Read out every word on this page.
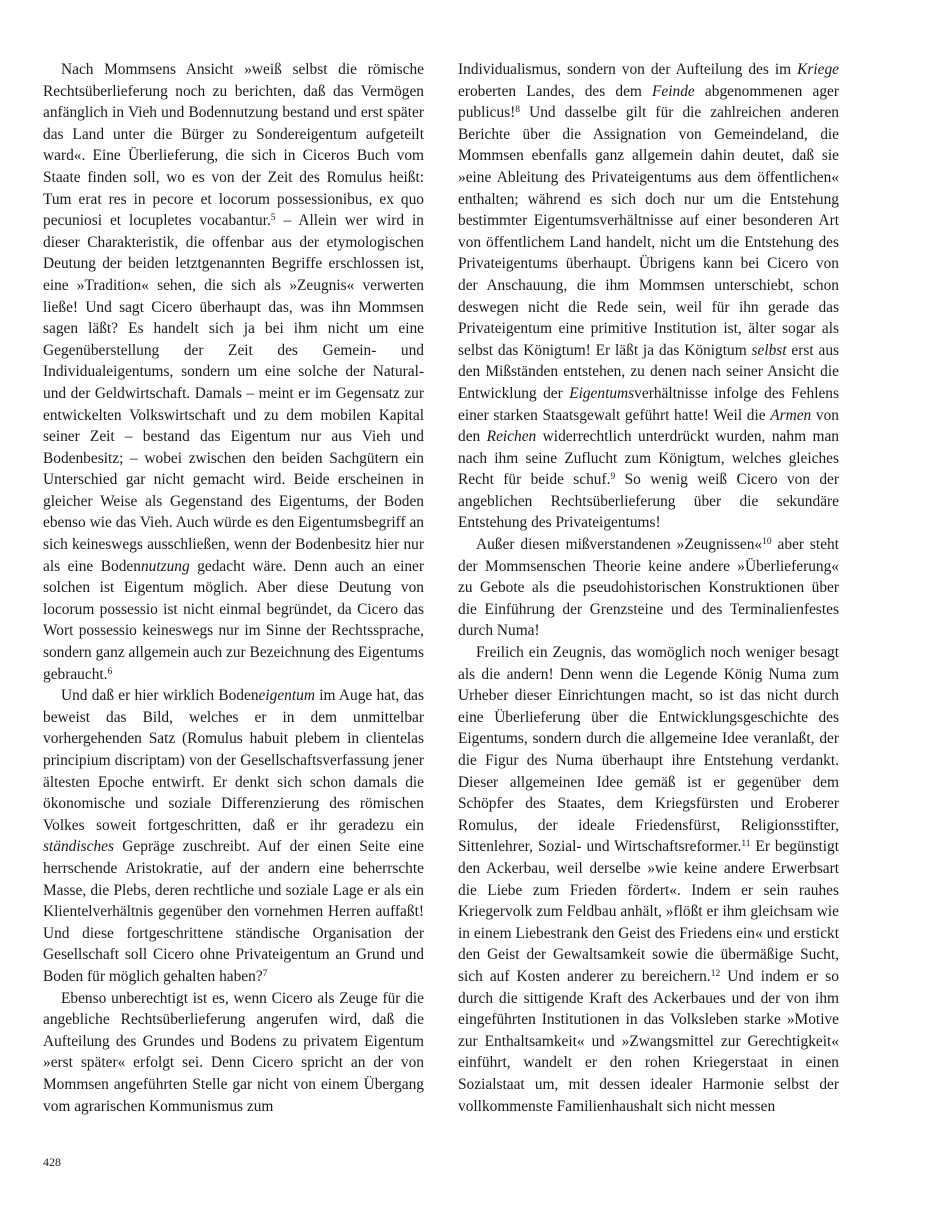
Nach Mommsens Ansicht »weiß selbst die römische Rechtsüberlieferung noch zu berichten, daß das Vermögen anfänglich in Vieh und Bodennutzung bestand und erst später das Land unter die Bürger zu Sondereigentum aufgeteilt ward«. Eine Überlieferung, die sich in Ciceros Buch vom Staate finden soll, wo es von der Zeit des Romulus heißt: Tum erat res in pecore et locorum possessionibus, ex quo pecuniosi et locupletes vocabantur.$^5$ – Allein wer wird in dieser Charakteristik, die offenbar aus der etymologischen Deutung der beiden letztgenannten Begriffe erschlossen ist, eine »Tradition« sehen, die sich als »Zeugnis« verwerten ließe! Und sagt Cicero überhaupt das, was ihn Mommsen sagen läßt? Es handelt sich ja bei ihm nicht um eine Gegenüberstellung der Zeit des Gemein- und Individualeigentums, sondern um eine solche der Natural- und der Geldwirtschaft. Damals – meint er im Gegensatz zur entwickelten Volkswirtschaft und zu dem mobilen Kapital seiner Zeit – bestand das Eigentum nur aus Vieh und Bodenbesitz; – wobei zwischen den beiden Sachgütern ein Unterschied gar nicht gemacht wird. Beide erscheinen in gleicher Weise als Gegenstand des Eigentums, der Boden ebenso wie das Vieh. Auch würde es den Eigentumsbegriff an sich keineswegs ausschließen, wenn der Bodenbesitz hier nur als eine Bodennutzung gedacht wäre. Denn auch an einer solchen ist Eigentum möglich. Aber diese Deutung von locorum possessio ist nicht einmal begründet, da Cicero das Wort possessio keineswegs nur im Sinne der Rechtssprache, sondern ganz allgemein auch zur Bezeichnung des Eigentums gebraucht.$^6$

Und daß er hier wirklich Bodeneigentum im Auge hat, das beweist das Bild, welches er in dem unmittelbar vorhergehenden Satz (Romulus habuit plebem in clientelas principium discriptam) von der Gesellschaftsverfassung jener ältesten Epoche entwirft. Er denkt sich schon damals die ökonomische und soziale Differenzierung des römischen Volkes soweit fortgeschritten, daß er ihr geradezu ein ständisches Gepräge zuschreibt. Auf der einen Seite eine herrschende Aristokratie, auf der andern eine beherrschte Masse, die Plebs, deren rechtliche und soziale Lage er als ein Klientelverhältnis gegenüber den vornehmen Herren auffaßt! Und diese fortgeschrittene ständische Organisation der Gesellschaft soll Cicero ohne Privateigentum an Grund und Boden für möglich gehalten haben?$^7$

Ebenso unberechtigt ist es, wenn Cicero als Zeuge für die angebliche Rechtsüberlieferung angerufen wird, daß die Aufteilung des Grundes und Bodens zu privatem Eigentum »erst später« erfolgt sei. Denn Cicero spricht an der von Mommsen angeführten Stelle gar nicht von einem Übergang vom agrarischen Kommunismus zum

Individualismus, sondern von der Aufteilung des im Kriege eroberten Landes, des dem Feinde abgenommenen ager publicus!$^8$ Und dasselbe gilt für die zahlreichen anderen Berichte über die Assignation von Gemeindeland, die Mommsen ebenfalls ganz allgemein dahin deutet, daß sie »eine Ableitung des Privateigentums aus dem öffentlichen« enthalten; während es sich doch nur um die Entstehung bestimmter Eigentumsverhältnisse auf einer besonderen Art von öffentlichem Land handelt, nicht um die Entstehung des Privateigentums überhaupt. Übrigens kann bei Cicero von der Anschauung, die ihm Mommsen unterschiebt, schon deswegen nicht die Rede sein, weil für ihn gerade das Privateigentum eine primitive Institution ist, älter sogar als selbst das Königtum! Er läßt ja das Königtum selbst erst aus den Mißständen entstehen, zu denen nach seiner Ansicht die Entwicklung der Eigentumsverhältnisse infolge des Fehlens einer starken Staatsgewalt geführt hatte! Weil die Armen von den Reichen widerrechtlich unterdrückt wurden, nahm man nach ihm seine Zuflucht zum Königtum, welches gleiches Recht für beide schuf.$^9$ So wenig weiß Cicero von der angeblichen Rechtsüberlieferung über die sekundäre Entstehung des Privateigentums!

Außer diesen mißverstandenen »Zeugnissen«$^{10}$ aber steht der Mommsenschen Theorie keine andere »Überlieferung« zu Gebote als die pseudohistorischen Konstruktionen über die Einführung der Grenzsteine und des Terminalienfestes durch Numa!

Freilich ein Zeugnis, das womöglich noch weniger besagt als die andern! Denn wenn die Legende König Numa zum Urheber dieser Einrichtungen macht, so ist das nicht durch eine Überlieferung über die Entwicklungsgeschichte des Eigentums, sondern durch die allgemeine Idee veranlaßt, der die Figur des Numa überhaupt ihre Entstehung verdankt. Dieser allgemeinen Idee gemäß ist er gegenüber dem Schöpfer des Staates, dem Kriegsfürsten und Eroberer Romulus, der ideale Friedensfürst, Religionsstifter, Sittenlehrer, Sozial- und Wirtschaftsreformer.$^{11}$ Er begünstigt den Ackerbau, weil derselbe »wie keine andere Erwerbsart die Liebe zum Frieden fördert«. Indem er sein rauhes Kriegervolk zum Feldbau anhält, »flößt er ihm gleichsam wie in einem Liebestrank den Geist des Friedens ein« und erstickt den Geist der Gewaltsamkeit sowie die übermäßige Sucht, sich auf Kosten anderer zu bereichern.$^{12}$ Und indem er so durch die sittigende Kraft des Ackerbaues und der von ihm eingeführten Institutionen in das Volksleben starke »Motive zur Enthaltsamkeit« und »Zwangsmittel zur Gerechtigkeit« einführt, wandelt er den rohen Kriegerstaat in einen Sozialstaat um, mit dessen idealer Harmonie selbst der vollkommenste Familienhaushalt sich nicht messen

428
